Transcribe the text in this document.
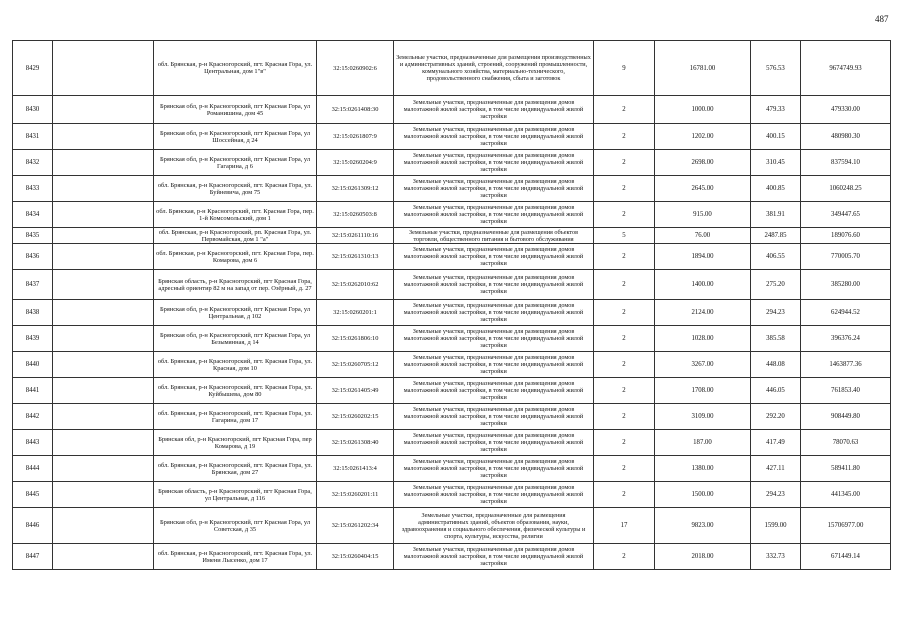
487
8429		обл. Брянская, р-н Красногорский, пгт. Красная Гора, ул. Центральная, дом 1"в"	32:15:0260902:6	Земельные участки, предназначенные для размещения производственных и административных зданий, строений, сооружений промышленности, коммунального хозяйства, материально-технического, продовольственного снабжения, сбыта и заготовок	9	16781.00	576.53	9674749.93
8430		Брянская обл, р-н Красногорский, пгт Красная Гора, ул Романишина, дом 45	32:15:0261408:30	Земельные участки, предназначенные для размещения домов малоэтажной жилой застройки, в том числе индивидуальной жилой застройки	2	1000.00	479.33	479330.00
8431		Брянская обл, р-н Красногорский, пгт Красная Гора, ул Шоссейная, д 24	32:15:0261807:9	Земельные участки, предназначенные для размещения домов малоэтажной жилой застройки, в том числе индивидуальной жилой застройки	2	1202.00	400.15	480980.30
8432		Брянская обл, р-н Красногорский, пгт Красная Гора, ул Гагарина, д 6	32:15:0260204:9	Земельные участки, предназначенные для размещения домов малоэтажной жилой застройки, в том числе индивидуальной жилой застройки	2	2698.00	310.45	837594.10
8433		обл. Брянская, р-н Красногорский, пгт. Красная Гора, ул. Буйневича, дом 75	32:15:0261309:12	Земельные участки, предназначенные для размещения домов малоэтажной жилой застройки, в том числе индивидуальной жилой застройки	2	2645.00	400.85	1060248.25
8434		обл. Брянская, р-н Красногорский, пгт. Красная Гора, пер. 1-й Комсомольский, дом 1	32:15:0260503:8	Земельные участки, предназначенные для размещения домов малоэтажной жилой застройки, в том числе индивидуальной жилой застройки	2	915.00	381.91	349447.65
8435		обл. Брянская, р-н Красногорский, рп. Красная Гора, ул. Первомайская, дом 1 "а"	32:15:0261110:16	Земельные участки, предназначенные для размещения объектов торговли, общественного питания и бытового обслуживания	5	76.00	2487.85	189076.60
8436		обл. Брянская, р-н Красногорский, пгт. Красная Гора, пер. Комарова, дом 6	32:15:0261310:13	Земельные участки, предназначенные для размещения домов малоэтажной жилой застройки, в том числе индивидуальной жилой застройки	2	1894.00	406.55	770005.70
8437		Брянская область, р-н Красногорский, пгт Красная Гора, адресный ориентир 82 м на запад от пер. Озёрный, д. 27	32:15:0262010:62	Земельные участки, предназначенные для размещения домов малоэтажной жилой застройки, в том числе индивидуальной жилой застройки	2	1400.00	275.20	385280.00
8438		Брянская обл, р-н Красногорский, пгт Красная Гора, ул Центральная, д 102	32:15:0260201:1	Земельные участки, предназначенные для размещения домов малоэтажной жилой застройки, в том числе индивидуальной жилой застройки	2	2124.00	294.23	624944.52
8439		Брянская обл, р-н Красногорский, пгт Красная Гора, ул Безымянная, д 14	32:15:0261806:10	Земельные участки, предназначенные для размещения домов малоэтажной жилой застройки, в том числе индивидуальной жилой застройки	2	1028.00	385.58	396376.24
8440		обл. Брянская, р-н Красногорский, пгт. Красная Гора, ул. Красная, дом 10	32:15:0260705:12	Земельные участки, предназначенные для размещения домов малоэтажной жилой застройки, в том числе индивидуальной жилой застройки	2	3267.00	448.08	1463877.36
8441		обл. Брянская, р-н Красногорский, пгт. Красная Гора, ул. Куйбышева, дом 80	32:15:0261405:49	Земельные участки, предназначенные для размещения домов малоэтажной жилой застройки, в том числе индивидуальной жилой застройки	2	1708.00	446.05	761853.40
8442		обл. Брянская, р-н Красногорский, пгт. Красная Гора, ул. Гагарина, дом 17	32:15:0260202:15	Земельные участки, предназначенные для размещения домов малоэтажной жилой застройки, в том числе индивидуальной жилой застройки	2	3109.00	292.20	908449.80
8443		Брянская обл, р-н Красногорский, пгт Красная Гора, пер Комарова, д 19	32:15:0261308:40	Земельные участки, предназначенные для размещения домов малоэтажной жилой застройки, в том числе индивидуальной жилой застройки	2	187.00	417.49	78070.63
8444		обл. Брянская, р-н Красногорский, пгт. Красная Гора, ул. Брянская, дом 27	32:15:0261413:4	Земельные участки, предназначенные для размещения домов малоэтажной жилой застройки, в том числе индивидуальной жилой застройки	2	1380.00	427.11	589411.80
8445		Брянская область, р-н Красногорский, пгт Красная Гора, ул Центральная, д 116	32:15:0260201:11	Земельные участки, предназначенные для размещения домов малоэтажной жилой застройки, в том числе индивидуальной жилой застройки	2	1500.00	294.23	441345.00
8446		Брянская обл, р-н Красногорский, пгт Красная Гора, ул Советская, д 35	32:15:0261202:34	Земельные участки, предназначенные для размещения административных зданий, объектов образования, науки, здравоохранения и социального обеспечения, физической культуры и спорта, культуры, искусства, религии	17	9823.00	1599.00	15706977.00
8447		обл. Брянская, р-н Красногорский, пгт. Красная Гора, ул. Имени Лысенко, дом 17	32:15:0260404:15	Земельные участки, предназначенные для размещения домов малоэтажной жилой застройки, в том числе индивидуальной жилой застройки	2	2018.00	332.73	671449.14
